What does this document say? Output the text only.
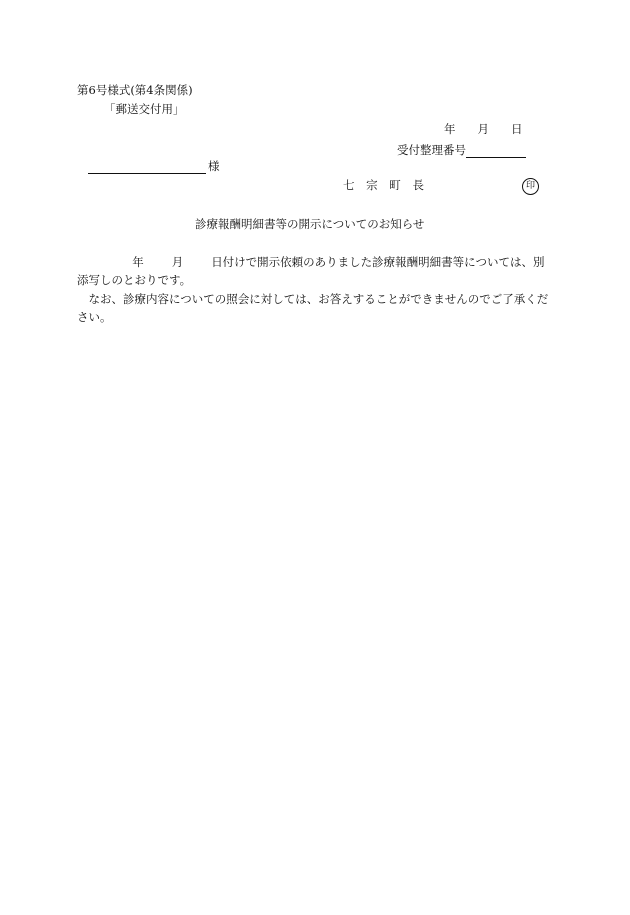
第6号様式(第4条関係)
「郵送交付用」
年 月 日
受付整理番号
様
七 宗 町 長	印
診療報酬明細書等の開示についてのお知らせ

年 月 日付けで開示依頼のありました診療報酬明細書等については、別添写しのとおりです。

なお、診療内容についての照会に対しては、お答えすることができませんのでご了承ください。
